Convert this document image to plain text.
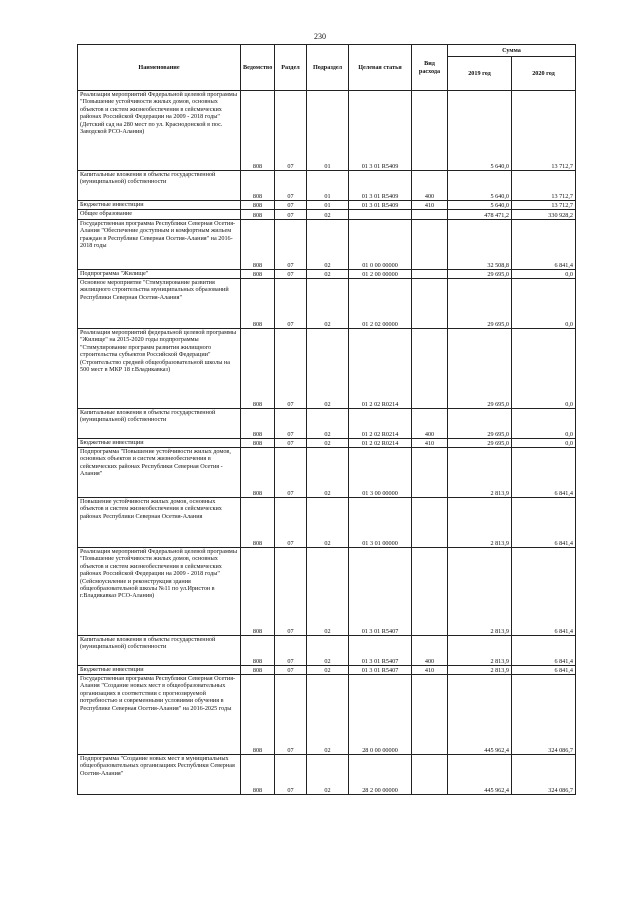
230
Наименование	Ведомство	Раздел	Подраздел	Целевая статья	Вид расхода	Сумма	
						2019 год	2020 год
Реализация мероприятий Федеральной целевой программы "Повышение устойчивости жилых домов, основных объектов и систем жизнеобеспечения в сейсмических районах Российской Федерации на 2009 - 2018 годы" (Детский сад на 280 мест по ул. Краснодонской в пос. Заводской РСО-Алания)	808	07	01	01 3 01 R5409		5 640,0	13 712,7
Капитальные вложения в объекты государственной (муниципальной) собственности	808	07	01	01 3 01 R5409	400	5 640,0	13 712,7
Бюджетные инвестиции	808	07	01	01 3 01 R5409	410	5 640,0	13 712,7
Общее образование	808	07	02			478 471,2	330 928,2
Государственная программа Республики Северная Осетия-Алания "Обеспечение доступным и комфортным жильем граждан в Республике Северная Осетия-Алания" на 2016-2018 годы	808	07	02	01 0 00 00000		32 508,8	6 841,4
Подпрограмма "Жилище"	808	07	02	01 2 00 00000		29 695,0	0,0
Основное мероприятие "Стимулирование развития жилищного строительства муниципальных образований Республики Северная Осетия-Алания"	808	07	02	01 2 02 00000		29 695,0	0,0
Реализация мероприятий федеральной целевой программы "Жилище" на 2015-2020 годы подпрограммы "Стимулирование программ развития жилищного строительства субъектов Российской Федерации" (Строительство средней общеобразовательной школы на 500 мест в МКР 18 г.Владикавказ)	808	07	02	01 2 02 R0214		29 695,0	0,0
Капитальные вложения в объекты государственной (муниципальной) собственности	808	07	02	01 2 02 R0214	400	29 695,0	0,0
Бюджетные инвестиции	808	07	02	01 2 02 R0214	410	29 695,0	0,0
Подпрограмма "Повышение устойчивости жилых домов, основных объектов и систем жизнеобеспечения в сейсмических районах Республики Северная Осетия - Алания"	808	07	02	01 3 00 00000		2 813,9	6 841,4
Повышение устойчивости жилых домов, основных объектов и систем жизнеобеспечения в сейсмических районах Республики Северная Осетия-Алания	808	07	02	01 3 01 00000		2 813,9	6 841,4
Реализация мероприятий Федеральной целевой программы "Повышение устойчивости жилых домов, основных объектов и систем жизнеобеспечения в сейсмических районах Российской Федерации на 2009 - 2018 годы" (Сейсмоусиление и реконструкция здания общеобразовательной школы №11 по ул.Иристон в г.Владикавказ РСО-Алания)	808	07	02	01 3 01 R5407		2 813,9	6 841,4
Капитальные вложения в объекты государственной (муниципальной) собственности	808	07	02	01 3 01 R5407	400	2 813,9	6 841,4
Бюджетные инвестиции	808	07	02	01 3 01 R5407	410	2 813,9	6 841,4
Государственная программа Республики Северная Осетия-Алания "Создание новых мест в общеобразовательных организациях в соответствии с прогнозируемой потребностью и современными условиями обучения в Республике Северная Осетия-Алания" на 2016-2025 годы	808	07	02	28 0 00 00000		445 962,4	324 086,7
Подпрограмма "Создание новых мест в муниципальных общеобразовательных организациях Республики Северная Осетия-Алания"	808	07	02	28 2 00 00000		445 962,4	324 086,7
